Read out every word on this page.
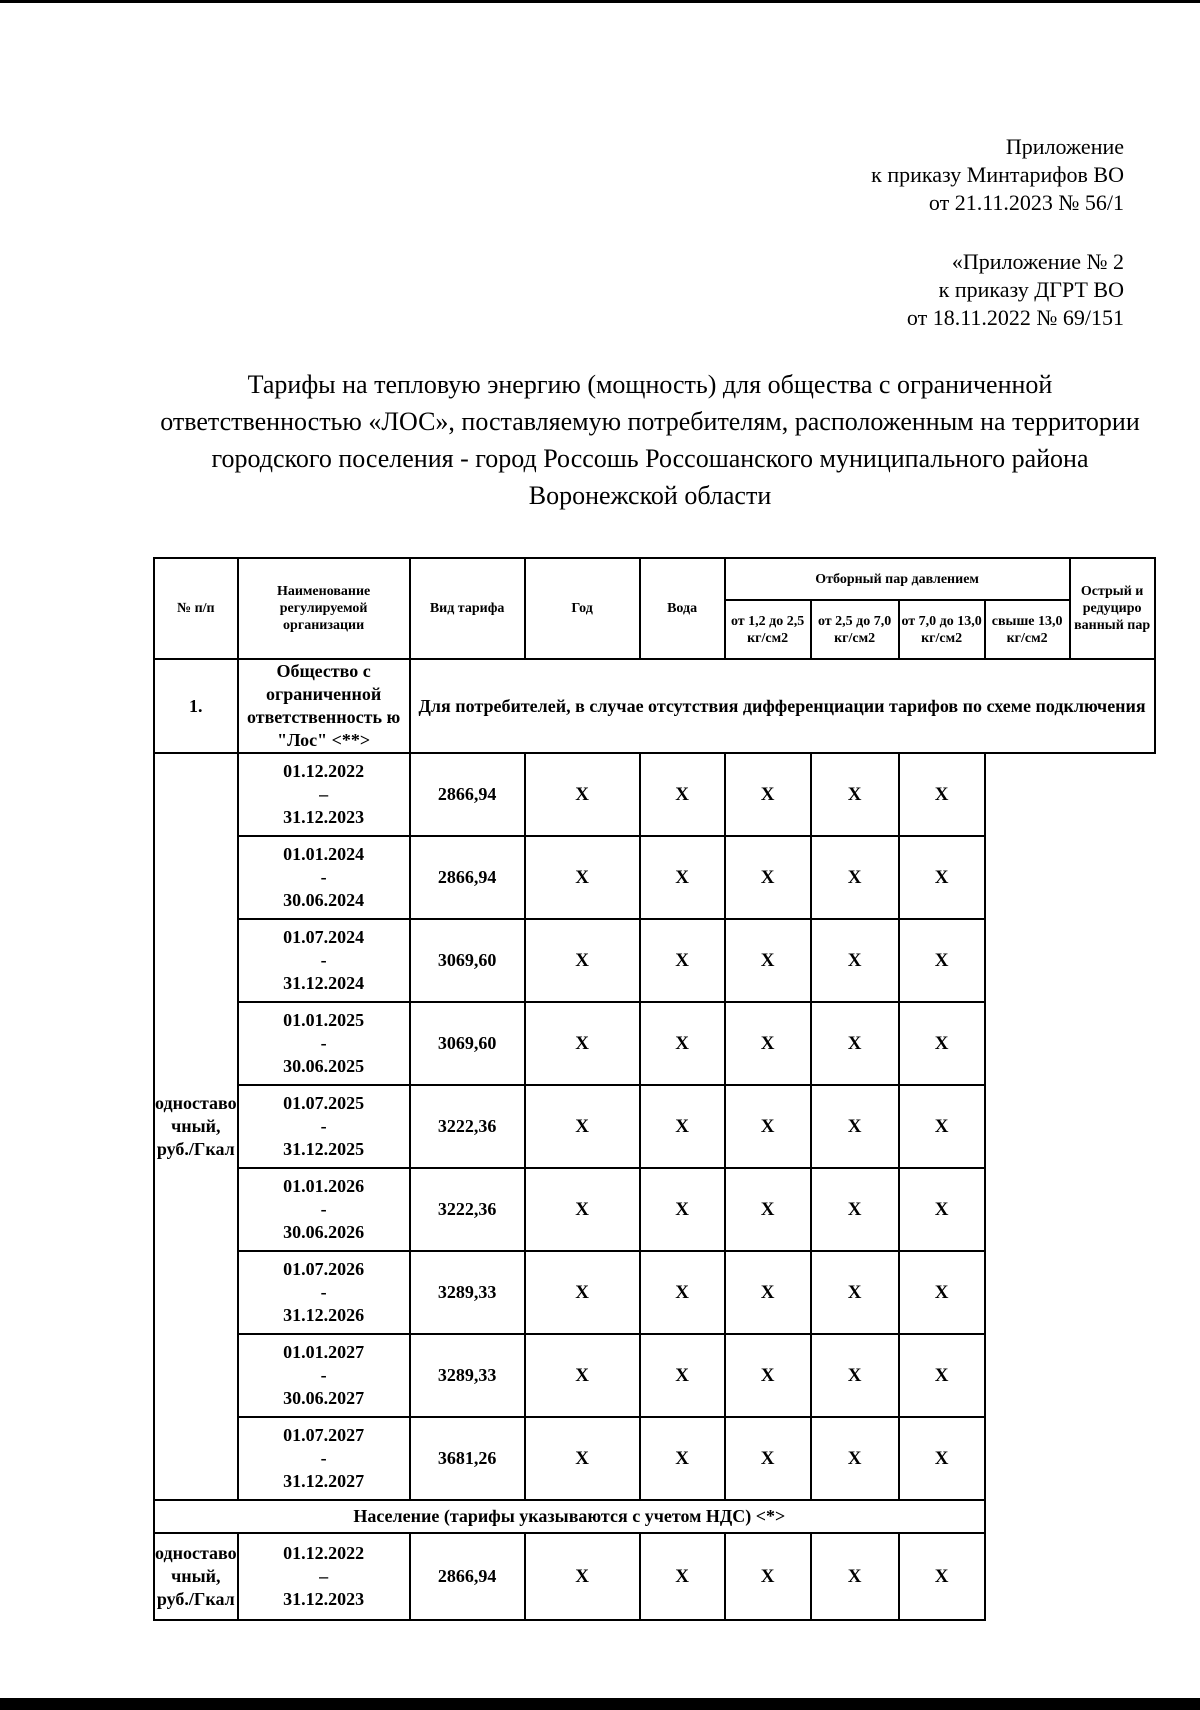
Приложение
к приказу Минтарифов ВО
от 21.11.2023 № 56/1
«Приложение № 2
к приказу ДГРТ ВО
от 18.11.2022 № 69/151
Тарифы на тепловую энергию (мощность) для общества с ограниченной ответственностью «ЛОС», поставляемую потребителям, расположенным на территории городского поселения - город Россошь Россошанского муниципального района Воронежской области
№ п/п	Наименование регулируемой организации	Вид тарифа	Год	Вода	Отборный пар давлением				Острый и редуциро ванный пар
					от 1,2 до 2,5 кг/см2	от 2,5 до 7,0 кг/см2	от 7,0 до 13,0 кг/см2	свыше 13,0 кг/см2	
1.	Общество с ограниченной ответственность ю "Лос" <**>	Для потребителей, в случае отсутствия дифференциации тарифов по схеме подключения							
одноставо чный, руб./Гкал	01.12.2022
–
31.12.2023	2866,94	X	X	X	X	X		

	01.01.2024
-
30.06.2024	2866,94	X	X	X	X	X		

	01.07.2024
-
31.12.2024	3069,60	X	X	X	X	X		

	01.01.2025
-
30.06.2025	3069,60	X	X	X	X	X		

	01.07.2025
-
31.12.2025	3222,36	X	X	X	X	X		

	01.01.2026
-
30.06.2026	3222,36	X	X	X	X	X		

	01.07.2026
-
31.12.2026	3289,33	X	X	X	X	X		

	01.01.2027
-
30.06.2027	3289,33	X	X	X	X	X		

	01.07.2027
-
31.12.2027	3681,26	X	X	X	X	X		
Население (тарифы указываются с учетом НДС) <*>									
одноставо чный, руб./Гкал	01.12.2022
–
31.12.2023	2866,94	X	X	X	X	X		
